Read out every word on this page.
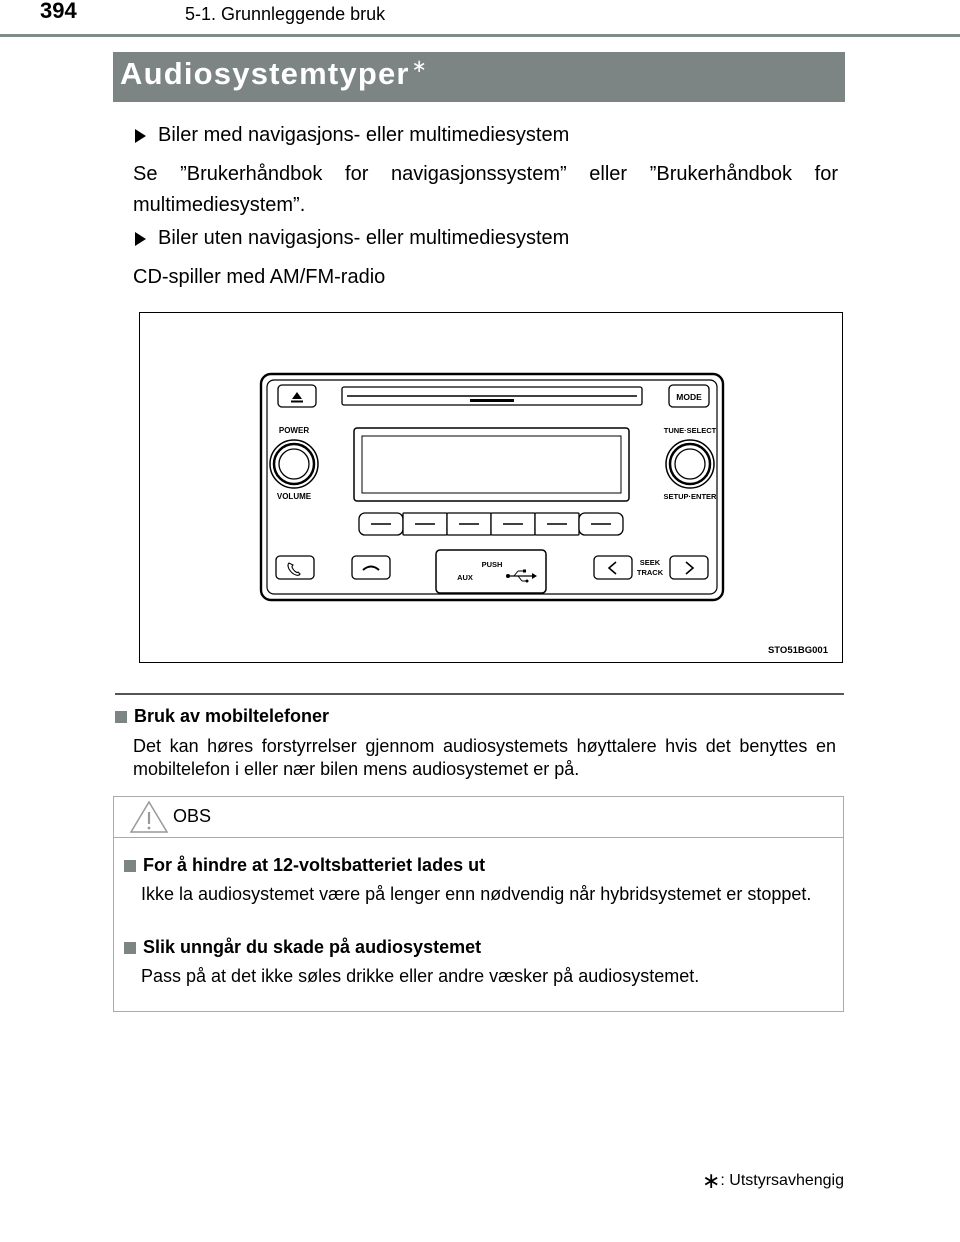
394	5-1. Grunnleggende bruk
Audiosystemtyper ∗
Biler med navigasjons- eller multimediesystem
Se ”Brukerhåndbok for navigasjonssystem” eller ”Brukerhåndbok for multimediesystem”.
Biler uten navigasjons- eller multimediesystem
CD-spiller med AM/FM-radio
MODE
POWER
VOLUME
TUNE·SELECT
SETUP·ENTER
PUSH
AUX
SEEK
TRACK
STO51BG001
Bruk av mobiltelefoner
Det kan høres forstyrrelser gjennom audiosystemets høyttalere hvis det benyttes en mobiltelefon i eller nær bilen mens audiosystemet er på.
OBS
For å hindre at 12-voltsbatteriet lades ut
Ikke la audiosystemet være på lenger enn nødvendig når hybridsystemet er stoppet.
Slik unngår du skade på audiosystemet
Pass på at det ikke søles drikke eller andre væsker på audiosystemet.
∗ : Utstyrsavhengig
